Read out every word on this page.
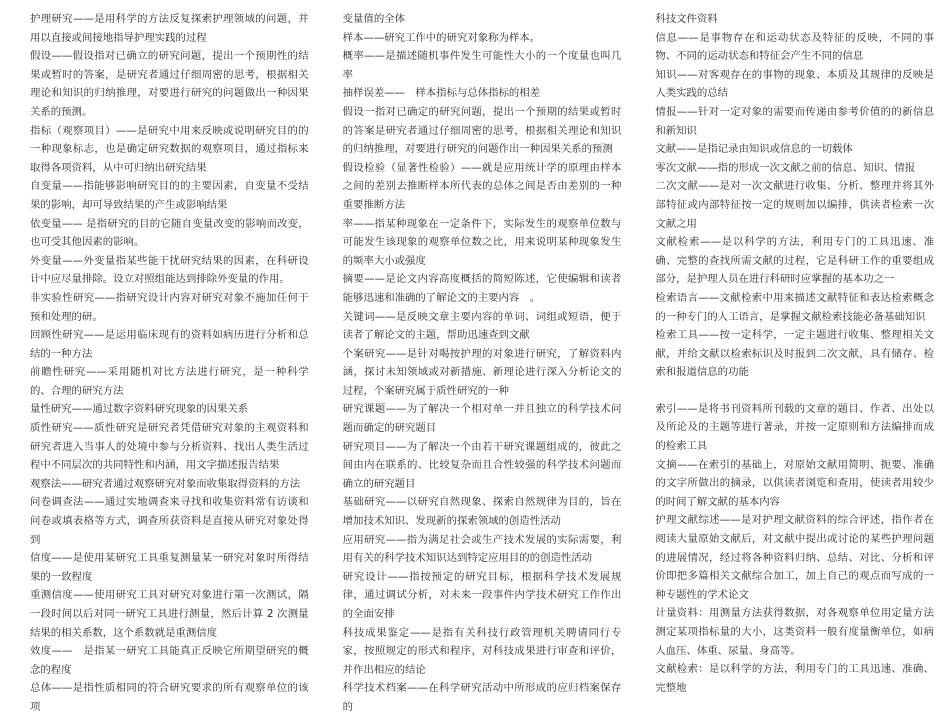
护理研究——是用科学的方法反复探索护理领域的问题，并用以直接或间接地指导护理实践的过程

假设——假设指对已确立的研究问题，提出一个预期性的结果或暂时的答案，是研究者通过仔细周密的思考，根据相关理论和知识的归纳推理，对要进行研究的问题做出一种因果关系的预测。

指标（观察项目）——是研究中用来反映或说明研究目的的一种现象标志，也是确定研究数据的观察项目，通过指标来取得各项资料，从中可归纳出研究结果

自变量——指能够影响研究目的的主要因素，自变量不受结果的影响，却可导致结果的产生或影响结果

依变量—— 是指研究的目的它随自变量改变的影响而改变，也可受其他因素的影响。

外变量——外变量指某些能干扰研究结果的因素，在科研设计中应尽量排除。设立对照组能达到排除外变量的作用。

非实验性研究——指研究设计内容对研究对象不施加任何干预和处理的研。

回顾性研究——是运用临床现有的资料如病历进行分析和总结的一种方法

前瞻性研究——采用随机对比方法进行研究，是一种科学的、合理的研究方法

量性研究——通过数字资料研究现象的因果关系

质性研究——质性研究是研究者凭借研究对象的主观资料和研究者进入当事人的处境中参与分析资料、找出人类生活过程中不同层次的共同特性和内涵，用文字描述报告结果

观察法——研究者通过观察研究对象而收集取得资料的方法

问卷调查法——通过实地调查来寻找和收集资料常有访谈和问卷或填表格等方式，调查所获资料是直接从研究对象处得到

信度——是使用某研究工具重复测量某一研究对象时所得结果的一致程度

重测信度——使用研究工具对研究对象进行第一次测试，隔一段时间以后对同一研究工具进行测量，然后计算 2 次测量结果的相关系数，这个系数就是重测信度

效度——　是指某一研究工具能真正反映它所期望研究的概念的程度

总体——是指性质相同的符合研究要求的所有观察单位的该项

变量值的全体

样本——研究工作中的研究对象称为样本。

概率——是描述随机事件发生可能性大小的一个度量也叫几率

抽样误差——　样本指标与总体指标的相差

假设一指对已确定的研究问题，提出一个预期的结果或暂时的答案是研究者通过仔细周密的思考，根据相关理论和知识的归纳推理，对要进行研究的问题作出一种因果关系的预测

假设检验（显著性检验）——就是应用统计学的原理由样本之间的差别去推断样本所代表的总体之间是否由差别的一种重要推断方法

率——指某种现象在一定条件下，实际发生的观察单位数与可能发生该现象的观察单位数之比，用来说明某种现象发生的频率大小或强度

摘要——是论文内容高度概括的简短陈述，它使编辑和读者能够迅速和准确的了解论文的主要内容　。

关键词——是反映文章主要内容的单词、词组或短语，便于读者了解论文的主题，帮助迅速查到文献

个案研究——是针对喝按护理的对象进行研究，了解资料内涵，探讨未知领域或对新措施、新理论进行深入分析论文的过程，个案研究属于质性研究的一种

研究课题——为了解决一个相对单一并且独立的科学技术问题而确定的研究题目

研究项目——为了解决一个由若干研究课题组成的，彼此之间由内在联系的、比较复杂而且合性较强的科学技术问题而确立的研究题目

基础研究——以研究自然现象、探索自然规律为目的，旨在增加技术知识、发现新的探索领域的创造性活动

应用研究——指为满足社会或生产技术发展的实际需要，利用有关的科学技术知识达到特定应用目的的创造性活动

研究设计——指按预定的研究目标，根据科学技术发展规律，通过调试分析，对未来一段事件内学技术研究工作作出的全面安排

科技成果鉴定——是指有关科技行政管理机关聘请同行专家，按照规定的形式和程序，对科技成果进行审查和评价，并作出相应的结论

科学技术档案——在科学研究活动中所形成的应归档案保存的

科技文件资料

信息——是事物存在和运动状态及特征的反映，不同的事物、不同的运动状态和特征会产生不同的信息

知识——对客观存在的事物的现象、本质及其规律的反映是人类实践的总结

情报——针对一定对象的需要而传递由参考价值的的新信息和新知识

文献——是指记录由知识或信息的一切载体

零次文献——指的形成一次文献之前的信息、知识、情报

二次文献——是对一次文献进行收集、分析、整理并将其外部特征或内部特征按一定的规则加以编排，供读者检索一次文献之用

文献检索——是以科学的方法，利用专门的工具迅速、准确、完整的查找所需文献的过程，它是科研工作的重要组成部分，是护理人员在进行科研时应掌握的基本功之一

检索语言——文献检索中用来描述文献特征和表达检索概念的一种专门的人工语言，是掌握文献检索技能必备基础知识

检索工具——按一定科学，一定主题进行收集、整理相关文献，并给文献以检索标识及时报到二次文献，具有储存、检索和报道信息的功能

索引——是将书刊资料所刊载的文章的题目、作者、出处以及所论及的主题等进行著录，并按一定原则和方法编排而成的检索工具

文摘——在索引的基础上，对原始文献用简明、扼要、准确的文字所做出的摘录，以供读者浏览和查用，使读者用较少的时间了解文献的基本内容

护理文献综述——是对护理文献资料的综合评述，指作者在阅读大量原始文献后，对文献中提出或讨论的某些护理问题的进展情况，经过将各种资料归纳、总结、对比、分析和评价即把多篇相关文献综合加工，加上自己的观点而写成的一种专题性的学术论文

计量资料：用测量方法获得数据，对各观察单位用定量方法测定某项指标量的大小，这类资料一般有度量衡单位，如病人血压、体重、尿量、身高等。

文献检索：是以科学的方法，利用专门的工具迅速、准确、完整地
